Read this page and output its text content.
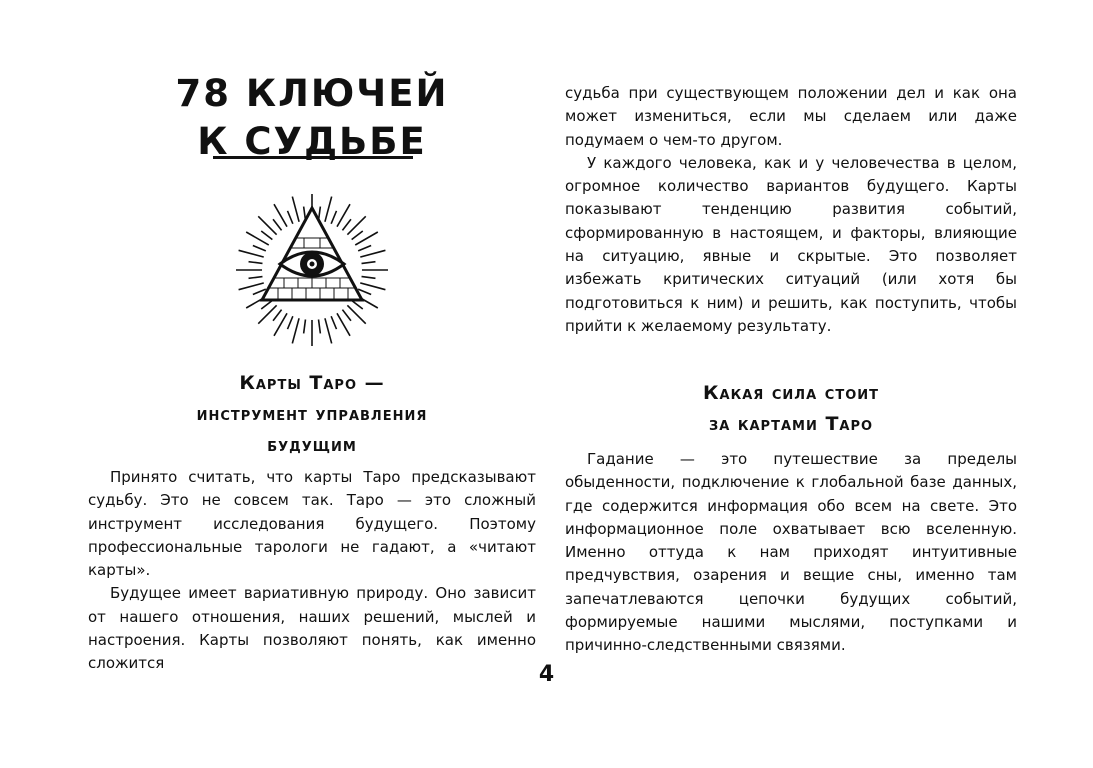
78 КЛЮЧЕЙ
К СУДЬБЕ
Карты Таро —
инструмент управления
будущим

Принято считать, что карты Таро предсказывают судьбу. Это не совсем так. Таро — это сложный инструмент исследования будущего. Поэтому профессиональные тарологи не гадают, а «читают карты».

Будущее имеет вариативную природу. Оно зависит от нашего отношения, наших решений, мыслей и настроения. Карты позволяют понять, как именно сложится

судьба при существующем положении дел и как она может измениться, если мы сделаем или даже подумаем о чем-то другом.

У каждого человека, как и у человечества в целом, огромное количество вариантов будущего. Карты показывают тенденцию развития событий, сформированную в настоящем, и факторы, влияющие на ситуацию, явные и скрытые. Это позволяет избежать критических ситуаций (или хотя бы подготовиться к ним) и решить, как поступить, чтобы прийти к желаемому результату.

Какая сила стоит
за картами Таро

Гадание — это путешествие за пределы обыденности, подключение к глобальной базе данных, где содержится информация обо всем на свете. Это информационное поле охватывает всю вселенную. Именно оттуда к нам приходят интуитивные предчувствия, озарения и вещие сны, именно там запечатлеваются цепочки будущих событий, формируемые нашими мыслями, поступками и причинно-следственными связями.

4
